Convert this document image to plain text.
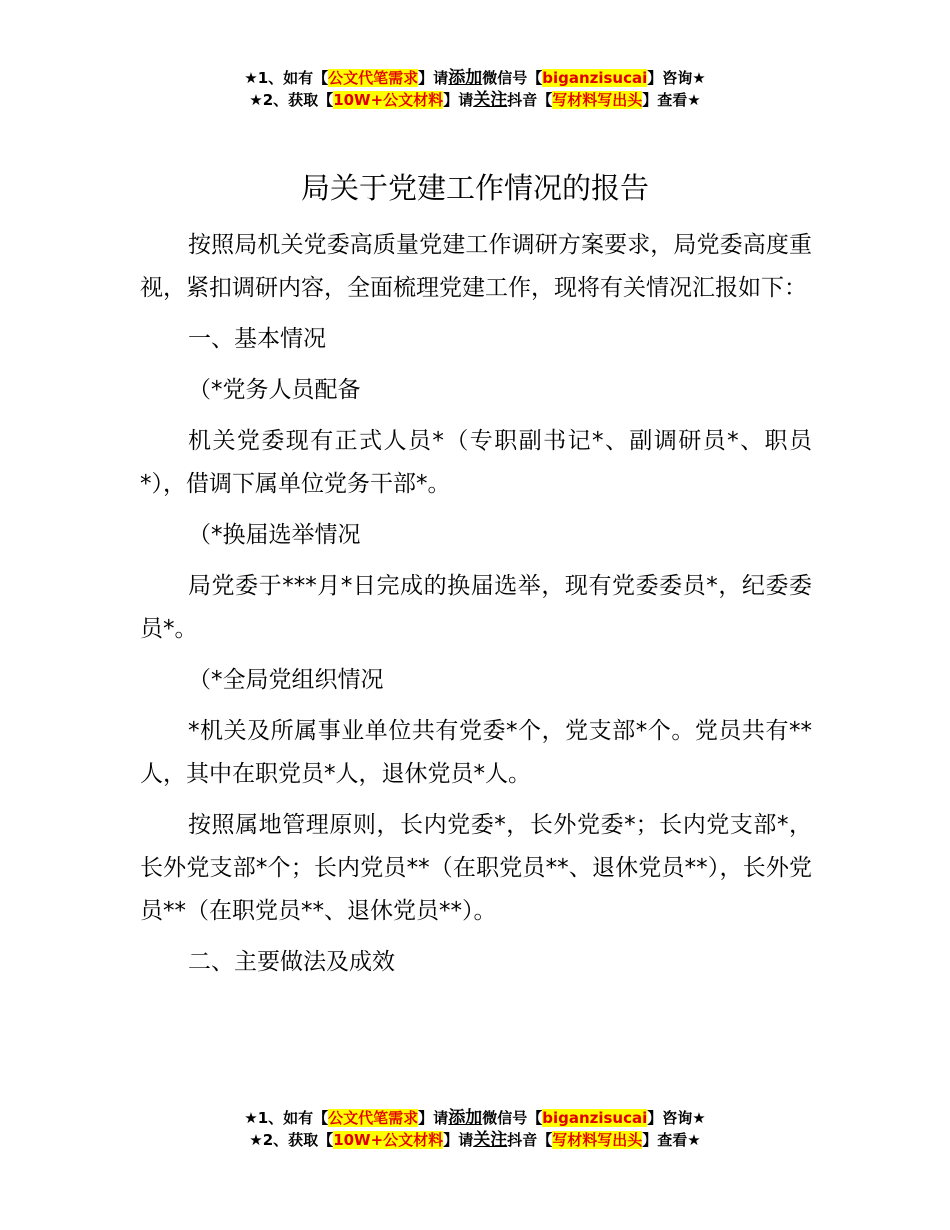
★1、如有【公文代笔需求】请添加微信号【biganzisucai】咨询★
★2、获取【10W+公文材料】请关注抖音【写材料写出头】查看★
局关于党建工作情况的报告

按照局机关党委高质量党建工作调研方案要求，局党委高度重视，紧扣调研内容，全面梳理党建工作，现将有关情况汇报如下：

一、基本情况

（*党务人员配备

机关党委现有正式人员*（专职副书记*、副调研员*、职员*），借调下属单位党务干部*。

（*换届选举情况

局党委于***月*日完成的换届选举，现有党委委员*，纪委委员*。

（*全局党组织情况

*机关及所属事业单位共有党委*个，党支部*个。党员共有**人，其中在职党员*人，退休党员*人。

按照属地管理原则，长内党委*，长外党委*；长内党支部*，长外党支部*个；长内党员**（在职党员**、退休党员**），长外党员**（在职党员**、退休党员**）。

二、主要做法及成效

★1、如有【公文代笔需求】请添加微信号【biganzisucai】咨询★
★2、获取【10W+公文材料】请关注抖音【写材料写出头】查看★
